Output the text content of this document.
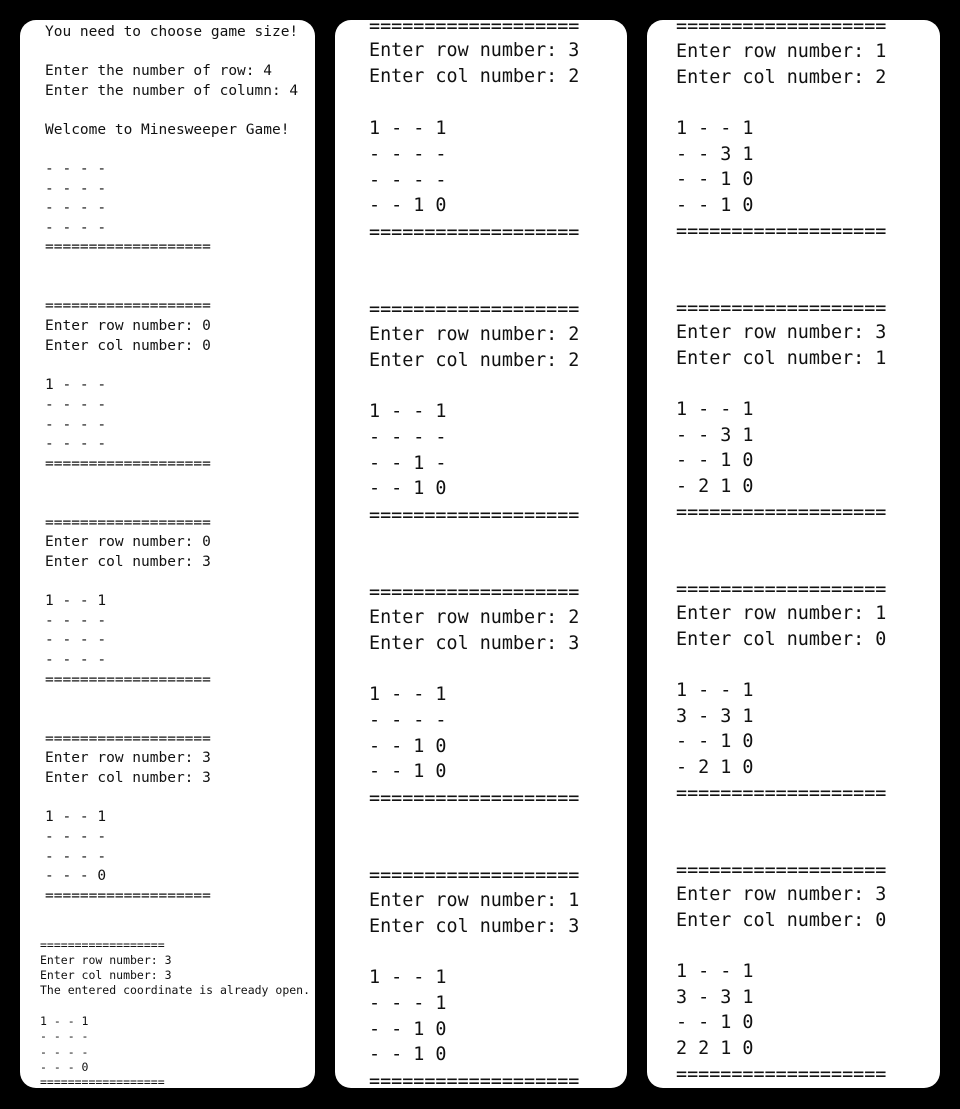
You need to choose game size!
Enter the number of row: 4
Enter the number of column: 4
Welcome to Minesweeper Game!
- - - -
- - - -
- - - -
- - - -
===================
===================
Enter row number: 0
Enter col number: 0
1 - - -
- - - -
- - - -
- - - -
===================
===================
Enter row number: 0
Enter col number: 3
1 - - 1
- - - -
- - - -
- - - -
===================
===================
Enter row number: 3
Enter col number: 3
1 - - 1
- - - -
- - - -
- - - 0
===================
==================
Enter row number: 3
Enter col number: 3
The entered coordinate is already open.
1 - - 1
- - - -
- - - -
- - - 0
==================
===================
Enter row number: 3
Enter col number: 2
1 - - 1
- - - -
- - - -
- - 1 0
===================
===================
Enter row number: 2
Enter col number: 2
1 - - 1
- - - -
- - 1 -
- - 1 0
===================
===================
Enter row number: 2
Enter col number: 3
1 - - 1
- - - -
- - 1 0
- - 1 0
===================
===================
Enter row number: 1
Enter col number: 3
1 - - 1
- - - 1
- - 1 0
- - 1 0
===================
===================
Enter row number: 1
Enter col number: 2
1 - - 1
- - 3 1
- - 1 0
- - 1 0
===================
===================
Enter row number: 3
Enter col number: 1
1 - - 1
- - 3 1
- - 1 0
- 2 1 0
===================
===================
Enter row number: 1
Enter col number: 0
1 - - 1
3 - 3 1
- - 1 0
- 2 1 0
===================
===================
Enter row number: 3
Enter col number: 0
1 - - 1
3 - 3 1
- - 1 0
2 2 1 0
===================
